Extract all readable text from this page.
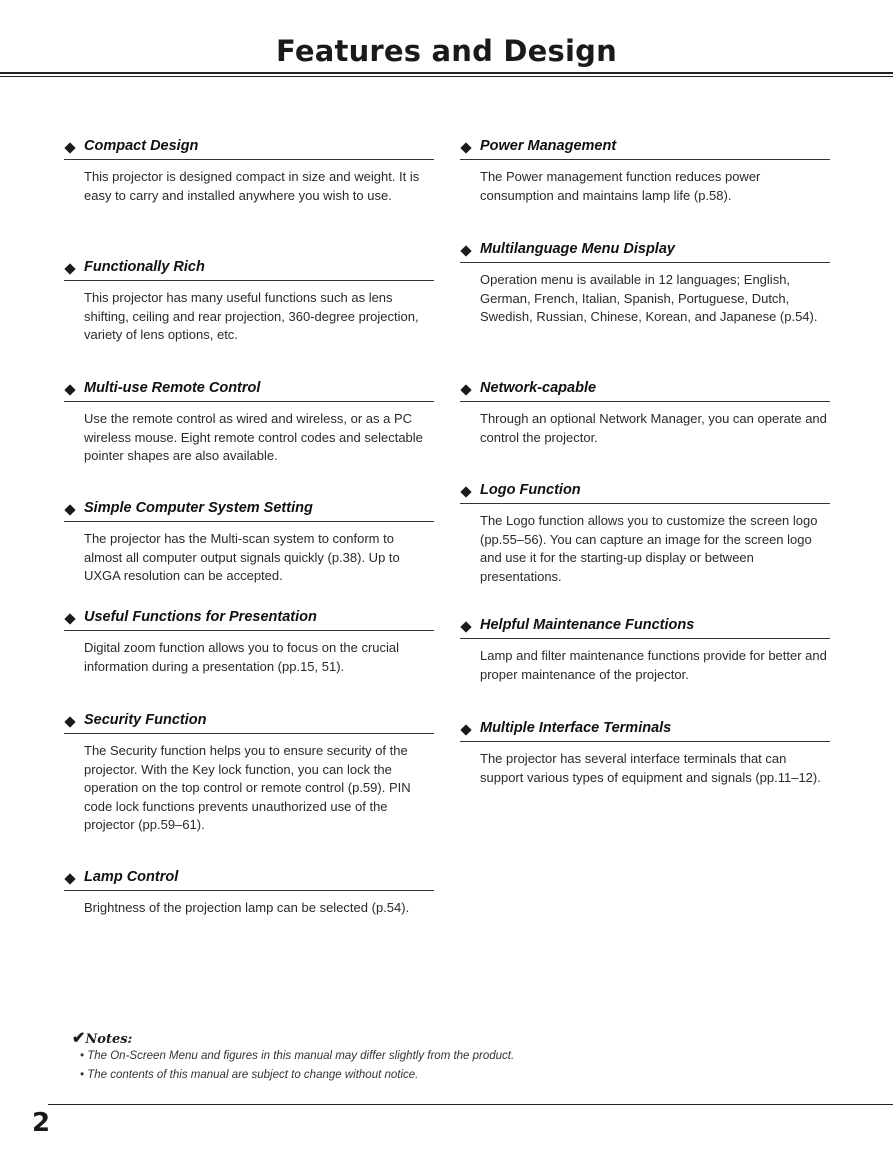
Features and Design
Compact Design
This projector is designed compact in size and weight. It is easy to carry and installed anywhere you wish to use.
Functionally Rich
This projector has many useful functions such as lens shifting, ceiling and rear projection, 360-degree projection, variety of lens options, etc.
Multi-use Remote Control
Use the remote control as wired and wireless, or as a PC wireless mouse. Eight remote control codes and selectable pointer shapes are also available.
Simple Computer System Setting
The projector has the Multi-scan system to conform to almost all computer output signals quickly (p.38). Up to UXGA resolution can be accepted.
Useful Functions for Presentation
Digital zoom function allows you to focus on the crucial information during a presentation (pp.15, 51).
Security Function
The Security function helps you to ensure security of the projector. With the Key lock function, you can lock the operation on the top control or remote control (p.59). PIN code lock functions prevents unauthorized use of the projector (pp.59–61).
Lamp Control
Brightness of the projection lamp can be selected (p.54).
Power Management
The Power management function reduces power consumption and maintains lamp life (p.58).
Multilanguage Menu Display
Operation menu is available in 12 languages; English, German, French, Italian, Spanish, Portuguese, Dutch, Swedish, Russian, Chinese, Korean, and Japanese (p.54).
Network-capable
Through an optional Network Manager, you can operate and control the projector.
Logo Function
The Logo function allows you to customize the screen logo (pp.55–56). You can capture an image for the screen logo and use it for the starting-up display or between presentations.
Helpful Maintenance Functions
Lamp and filter maintenance functions provide for better and proper maintenance of the projector.
Multiple Interface Terminals
The projector has several interface terminals that can support various types of equipment and signals (pp.11–12).
✔Notes:
• The On-Screen Menu and figures in this manual may differ slightly from the product.
• The contents of this manual are subject to change without notice.
2
